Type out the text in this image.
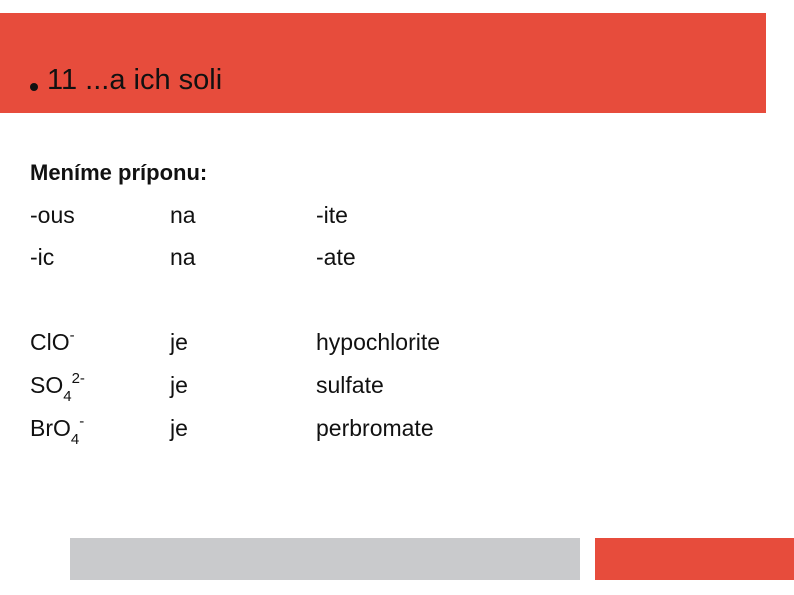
11 ...a ich soli
Meníme príponu:
-ous	na	-ite
-ic	na	-ate
ClO-	je	hypochlorite
$SO_4^{2-}$	je	sulfate
BrO$_4$-	je	perbromate
